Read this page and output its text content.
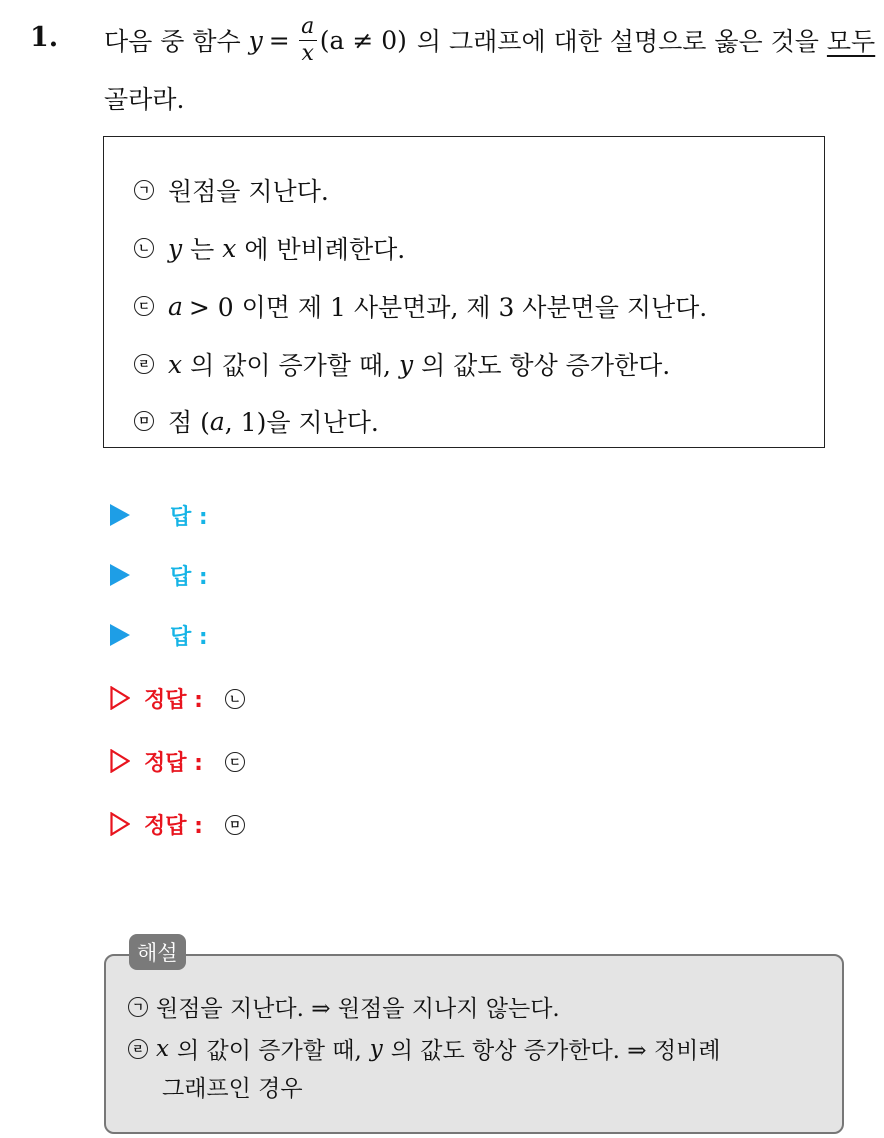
1. 다음 중 함수 $y = \frac{a}{x} (a \ne 0)$ 의 그래프에 대한 설명으로 옳은 것을 모두
골라라.
ㄱ 원점을 지난다.
ㄴ y 는 x 에 반비례한다.
ㄷ a > 0 이면 제 1 사분면과, 제 3 사분면을 지난다.
ㄹ x 의 값이 증가할 때, y 의 값도 항상 증가한다.
ㅁ 점 ( a , 1)을 지난다.
답 :
답 :
답 :
정답 :	ㄴ
정답 :	ㄷ
정답 :	ㅁ
해설
ㄱ 원점을 지난다. ⇒ 원점을 지나지 않는다.
ㄹ x 의 값이 증가할 때, y 의 값도 항상 증가한다. ⇒ 정비례
그래프인 경우
